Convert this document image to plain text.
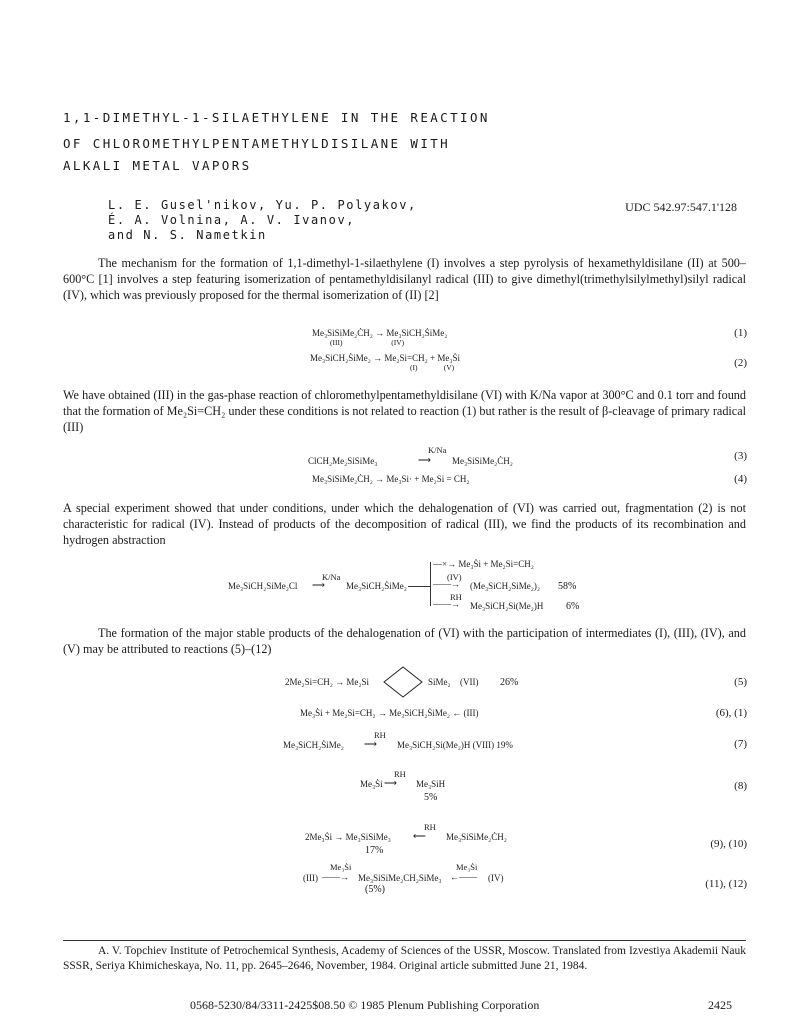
1,1-DIMETHYL-1-SILAETHYLENE IN THE REACTION
OF CHLOROMETHYLPENTAMETHYLDISILANE WITH
ALKALI METAL VAPORS
L. E. Gusel'nikov, Yu. P. Polyakov,
É. A. Volnina, A. V. Ivanov,
and N. S. Nametkin
UDC 542.97:547.1'128
The mechanism for the formation of 1,1-dimethyl-1-silaethylene (I) involves a step pyrolysis of hexamethyldisilane (II) at 500–600°C [1] involves a step featuring isomerization of pentamethyldisilanyl radical (III) to give dimethyl(trimethylsilylmethyl)silyl radical (IV), which was previously proposed for the thermal isomerization of (II) [2]
Me₃SiSiMe₂ĊH₂ → Me₃SiCH₂ṠiMe₂
(III)                          (IV)
(1)
Me₃SiCH₂ṠiMe₂ → Me₂Si=CH₂ + Me₃Ṡi
(I)              (V)	(2)
We have obtained (III) in the gas-phase reaction of chloromethylpentamethyldisilane (VI) with K/Na vapor at 300°C and 0.1 torr and found that the formation of Me₂Si=CH₂ under these conditions is not related to reaction (1) but rather is the result of β-cleavage of primary radical (III)
ClCH₂Me₂SiSiMe₃
K/Na
⟶ Me₃SiSiMe₂ĊH₂	(3)
Me₃SiSiMe₂ĊH₂ → Me₃Si· + Me₂Si = CH₂	(4)
A special experiment showed that under conditions, under which the dehalogenation of (VI) was carried out, fragmentation (2) is not characteristic for radical (IV). Instead of products of the decomposition of radical (III), we find the products of its recombination and hydrogen abstraction
Me₃SiCH₂SiMe₂Cl
K/Na
⟶ Me₃SiCH₂ṠiMe₂
—×→ Me₃Ṡi + Me₂Si=CH₂
(IV)
——→ (Me₃SiCH₂SiMe₂)₂ 58%
RH
——→ Me₃SiCH₂Si(Me₂)H 6%
The formation of the major stable products of the dehalogenation of (VI) with the participation of intermediates (I), (III), (IV), and (V) may be attributed to reactions (5)–(12)
2Me₂Si=CH₂ → Me₂Si	SiMe₂ (VII) 26%	(5)
Me₃Ṡi + Me₂Si=CH₂ → Me₃SiCH₂ṠiMe₂ ← (III)	(6), (1)
Me₃SiCH₂ṠiMe₂
RH
⟶ Me₃SiCH₂Si(Me₂)H (VIII) 19%	(7)
Me₃Ṡi
RH
⟶ Me₃SiH
5%
(8)
2Me₃Ṡi → Me₃SiSiMe₃
RH
⟵ Me₃SiSiMe₂ĊH₂
17%
(9), (10)
(III)
Me₃Ṡi
——→ Me₃SiSiMe₂CH₂SiMe₃
(5%)
Me₃Ṡi
←—— (IV)	(11), (12)
A. V. Topchiev Institute of Petrochemical Synthesis, Academy of Sciences of the USSR, Moscow. Translated from Izvestiya Akademii Nauk SSSR, Seriya Khimicheskaya, No. 11, pp. 2645–2646, November, 1984. Original article submitted June 21, 1984.
0568-5230/84/3311-2425$08.50 © 1985 Plenum Publishing Corporation	2425
